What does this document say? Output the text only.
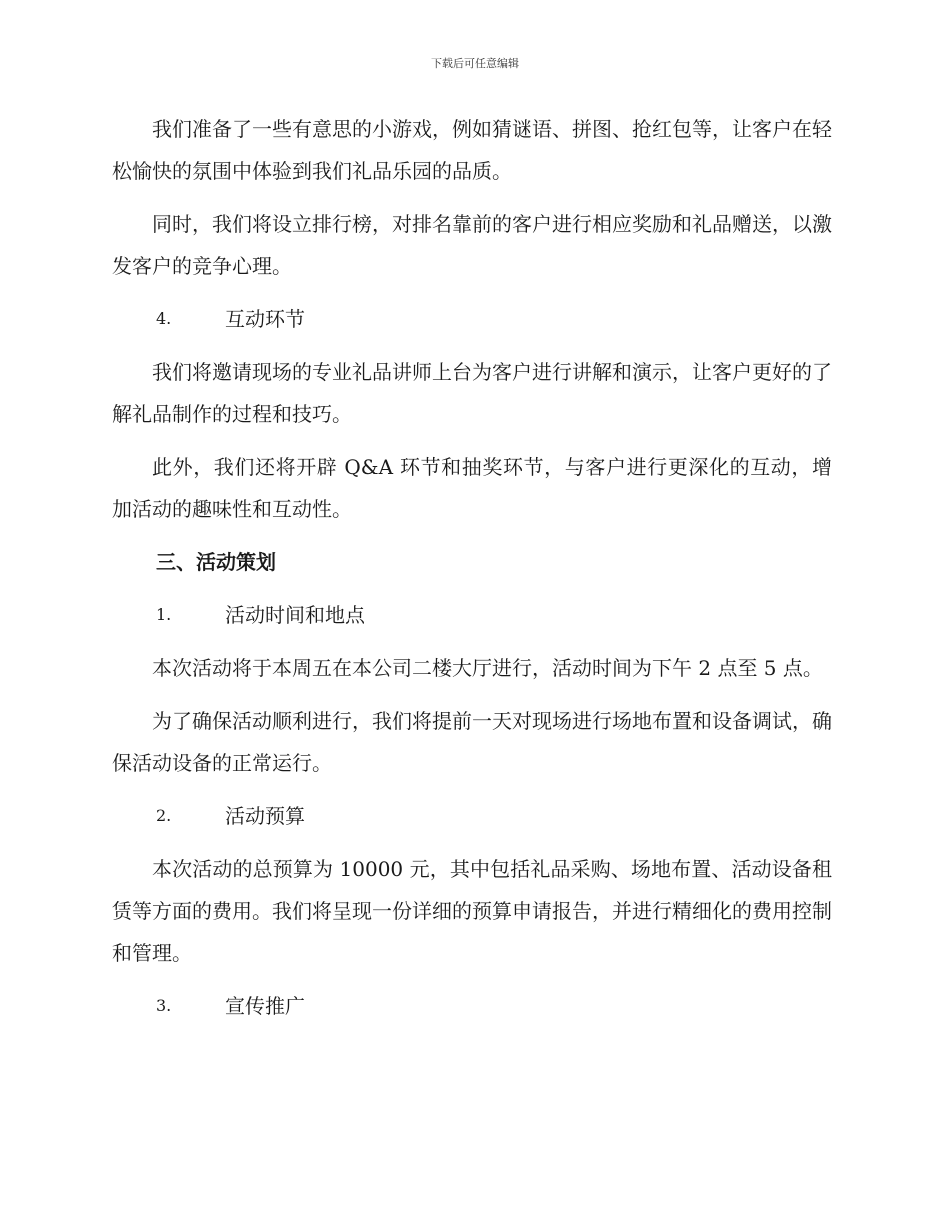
下载后可任意编辑

我们准备了一些有意思的小游戏，例如猜谜语、拼图、抢红包等，让客户在轻松愉快的氛围中体验到我们礼品乐园的品质。

同时，我们将设立排行榜，对排名靠前的客户进行相应奖励和礼品赠送，以激发客户的竞争心理。

4.	互动环节

我们将邀请现场的专业礼品讲师上台为客户进行讲解和演示，让客户更好的了解礼品制作的过程和技巧。

此外，我们还将开辟 Q&A 环节和抽奖环节，与客户进行更深化的互动，增加活动的趣味性和互动性。

三、活动策划
1.	活动时间和地点

本次活动将于本周五在本公司二楼大厅进行，活动时间为下午 2 点至 5 点。

为了确保活动顺利进行，我们将提前一天对现场进行场地布置和设备调试，确保活动设备的正常运行。

2.	活动预算

本次活动的总预算为 10000 元，其中包括礼品采购、场地布置、活动设备租赁等方面的费用。我们将呈现一份详细的预算申请报告，并进行精细化的费用控制和管理。

3.	宣传推广
